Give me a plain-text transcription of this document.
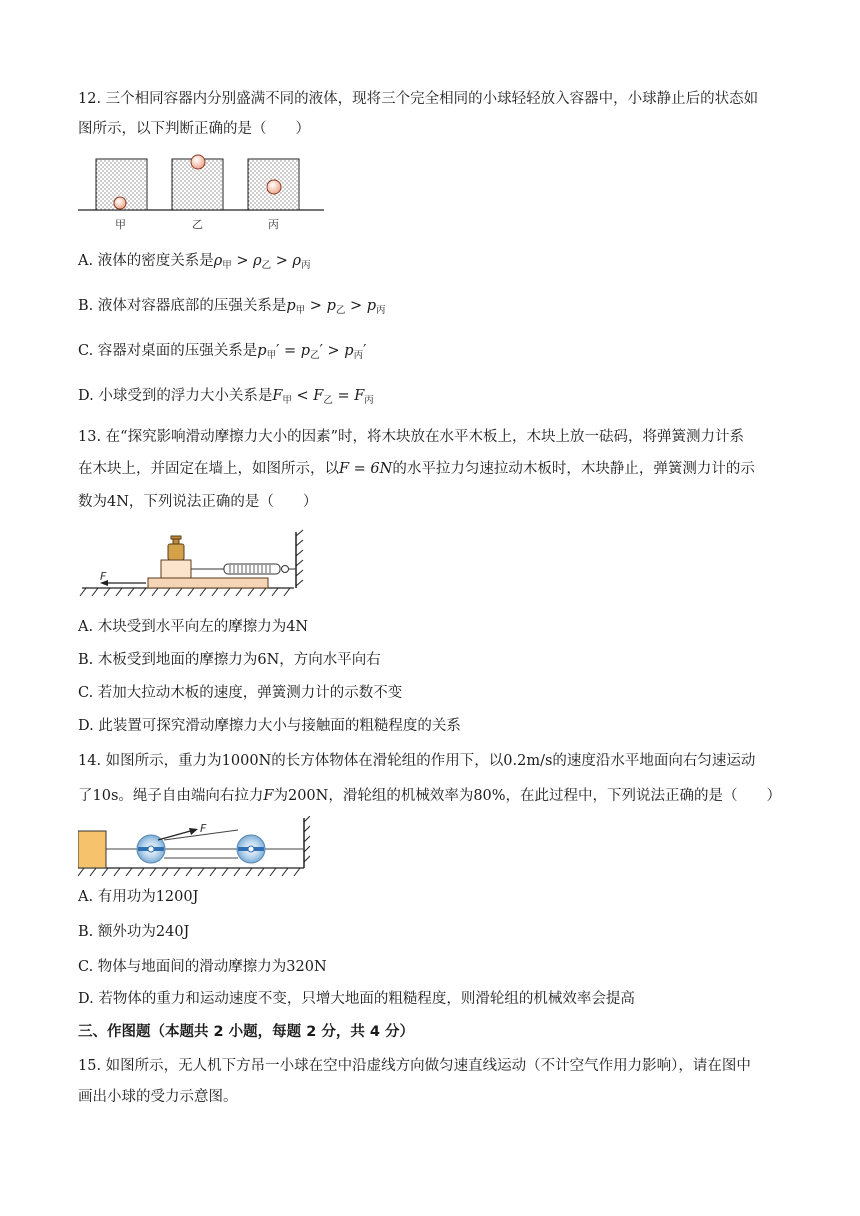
12. 三个相同容器内分别盛满不同的液体，现将三个完全相同的小球轻轻放入容器中，小球静止后的状态如
图所示，以下判断正确的是（　　）
甲	乙	丙
A. 液体的密度关系是$\rho_甲 > \rho_乙 > \rho_丙$
B. 液体对容器底部的压强关系是$p_甲 > p_乙 > p_丙$
C. 容器对桌面的压强关系是$p_甲' = p_乙' > p_丙'$
D. 小球受到的浮力大小关系是$F_甲 < F_乙 = F_丙$
13. 在“探究影响滑动摩擦力大小的因素”时，将木块放在水平木板上，木块上放一砝码，将弹簧测力计系
在木块上，并固定在墙上，如图所示，以F = 6N的水平拉力匀速拉动木板时，木块静止，弹簧测力计的示
数为4N，下列说法正确的是（　　）
F
A. 木块受到水平向左的摩擦力为4N
B. 木板受到地面的摩擦力为6N，方向水平向右
C. 若加大拉动木板的速度，弹簧测力计的示数不变
D. 此装置可探究滑动摩擦力大小与接触面的粗糙程度的关系
14. 如图所示，重力为1000N的长方体物体在滑轮组的作用下，以0.2m/s的速度沿水平地面向右匀速运动
了10s。绳子自由端向右拉力F为200N，滑轮组的机械效率为80%，在此过程中，下列说法正确的是（　　）
F
A. 有用功为1200J
B. 额外功为240J
C. 物体与地面间的滑动摩擦力为320N
D. 若物体的重力和运动速度不变，只增大地面的粗糙程度，则滑轮组的机械效率会提高
三、作图题（本题共 2 小题，每题 2 分，共 4 分）
15. 如图所示，无人机下方吊一小球在空中沿虚线方向做匀速直线运动（不计空气作用力影响），请在图中
画出小球的受力示意图。
